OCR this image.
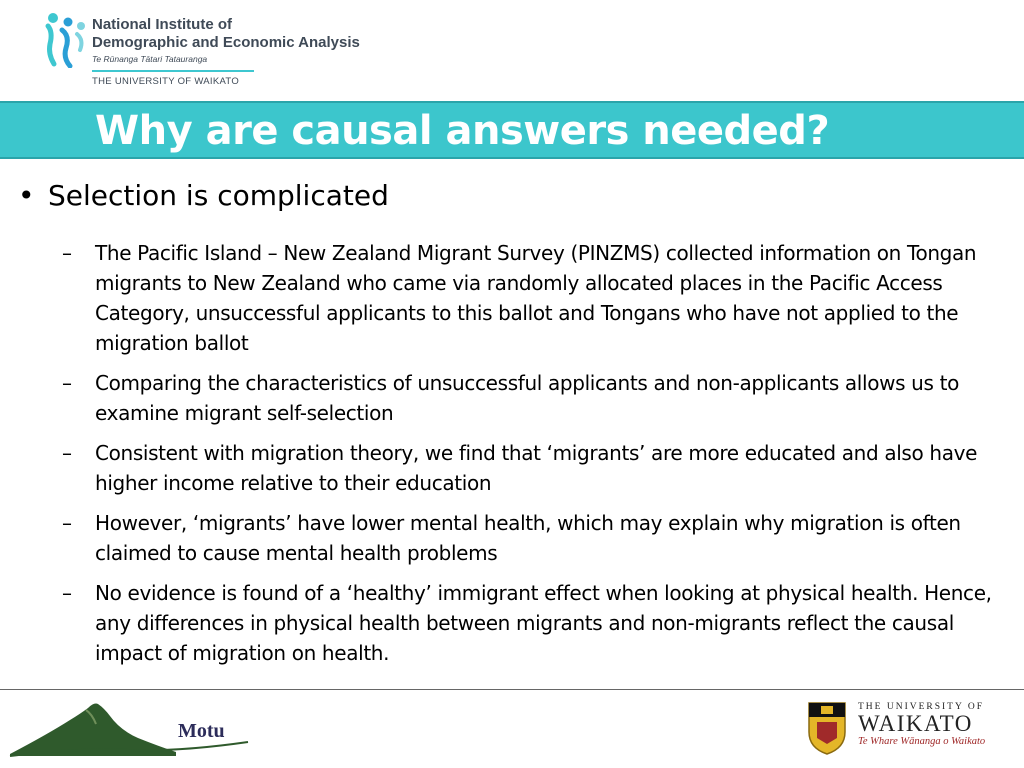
National Institute of
Demographic and Economic Analysis
Te Rūnanga Tātari Tatauranga
THE UNIVERSITY OF WAIKATO
Why are causal answers needed?
• Selection is complicated
– The Pacific Island – New Zealand Migrant Survey (PINZMS) collected information on Tongan migrants to New Zealand who came via randomly allocated places in the Pacific Access Category, unsuccessful applicants to this ballot and Tongans who have not applied to the migration ballot
– Comparing the characteristics of unsuccessful applicants and non-applicants allows us to examine migrant self-selection
– Consistent with migration theory, we find that ‘migrants’ are more educated and also have higher income relative to their education
– However, ‘migrants’ have lower mental health, which may explain why migration is often claimed to cause mental health problems
– No evidence is found of a ‘healthy’ immigrant effect when looking at physical health. Hence, any differences in physical health between migrants and non-migrants reflect the causal impact of migration on health.
Motu
THE UNIVERSITY OF
WAIKATO
Te Whare Wānanga o Waikato
